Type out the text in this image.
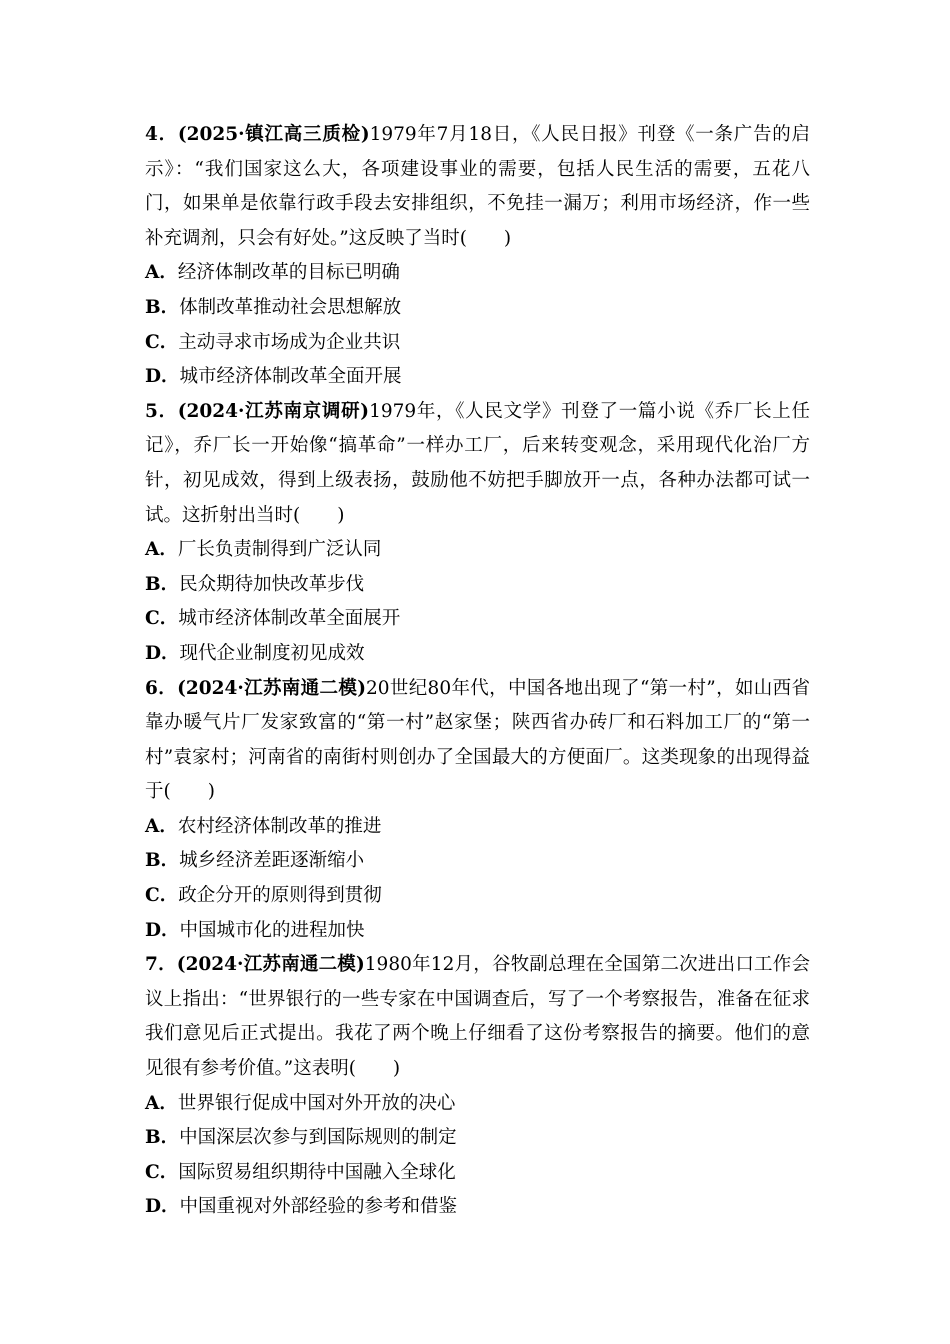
4．(2025·镇江高三质检)1979年7月18日，《人民日报》刊登《一条广告的启示》：“我们国家这么大，各项建设事业的需要，包括人民生活的需要，五花八门，如果单是依靠行政手段去安排组织，不免挂一漏万；利用市场经济，作一些补充调剂，只会有好处。”这反映了当时(　　)

A．经济体制改革的目标已明确

B．体制改革推动社会思想解放

C．主动寻求市场成为企业共识

D．城市经济体制改革全面开展

5．(2024·江苏南京调研)1979年，《人民文学》刊登了一篇小说《乔厂长上任记》，乔厂长一开始像“搞革命”一样办工厂，后来转变观念，采用现代化治厂方针，初见成效，得到上级表扬，鼓励他不妨把手脚放开一点，各种办法都可试一试。这折射出当时(　　)

A．厂长负责制得到广泛认同

B．民众期待加快改革步伐

C．城市经济体制改革全面展开

D．现代企业制度初见成效

6．(2024·江苏南通二模)20世纪80年代，中国各地出现了“第一村”，如山西省靠办暖气片厂发家致富的“第一村”赵家堡；陕西省办砖厂和石料加工厂的“第一村”袁家村；河南省的南街村则创办了全国最大的方便面厂。这类现象的出现得益于(　　)

A．农村经济体制改革的推进

B．城乡经济差距逐渐缩小

C．政企分开的原则得到贯彻

D．中国城市化的进程加快

7．(2024·江苏南通二模)1980年12月，谷牧副总理在全国第二次进出口工作会议上指出：“世界银行的一些专家在中国调查后，写了一个考察报告，准备在征求我们意见后正式提出。我花了两个晚上仔细看了这份考察报告的摘要。他们的意见很有参考价值。”这表明(　　)

A．世界银行促成中国对外开放的决心

B．中国深层次参与到国际规则的制定

C．国际贸易组织期待中国融入全球化

D．中国重视对外部经验的参考和借鉴
